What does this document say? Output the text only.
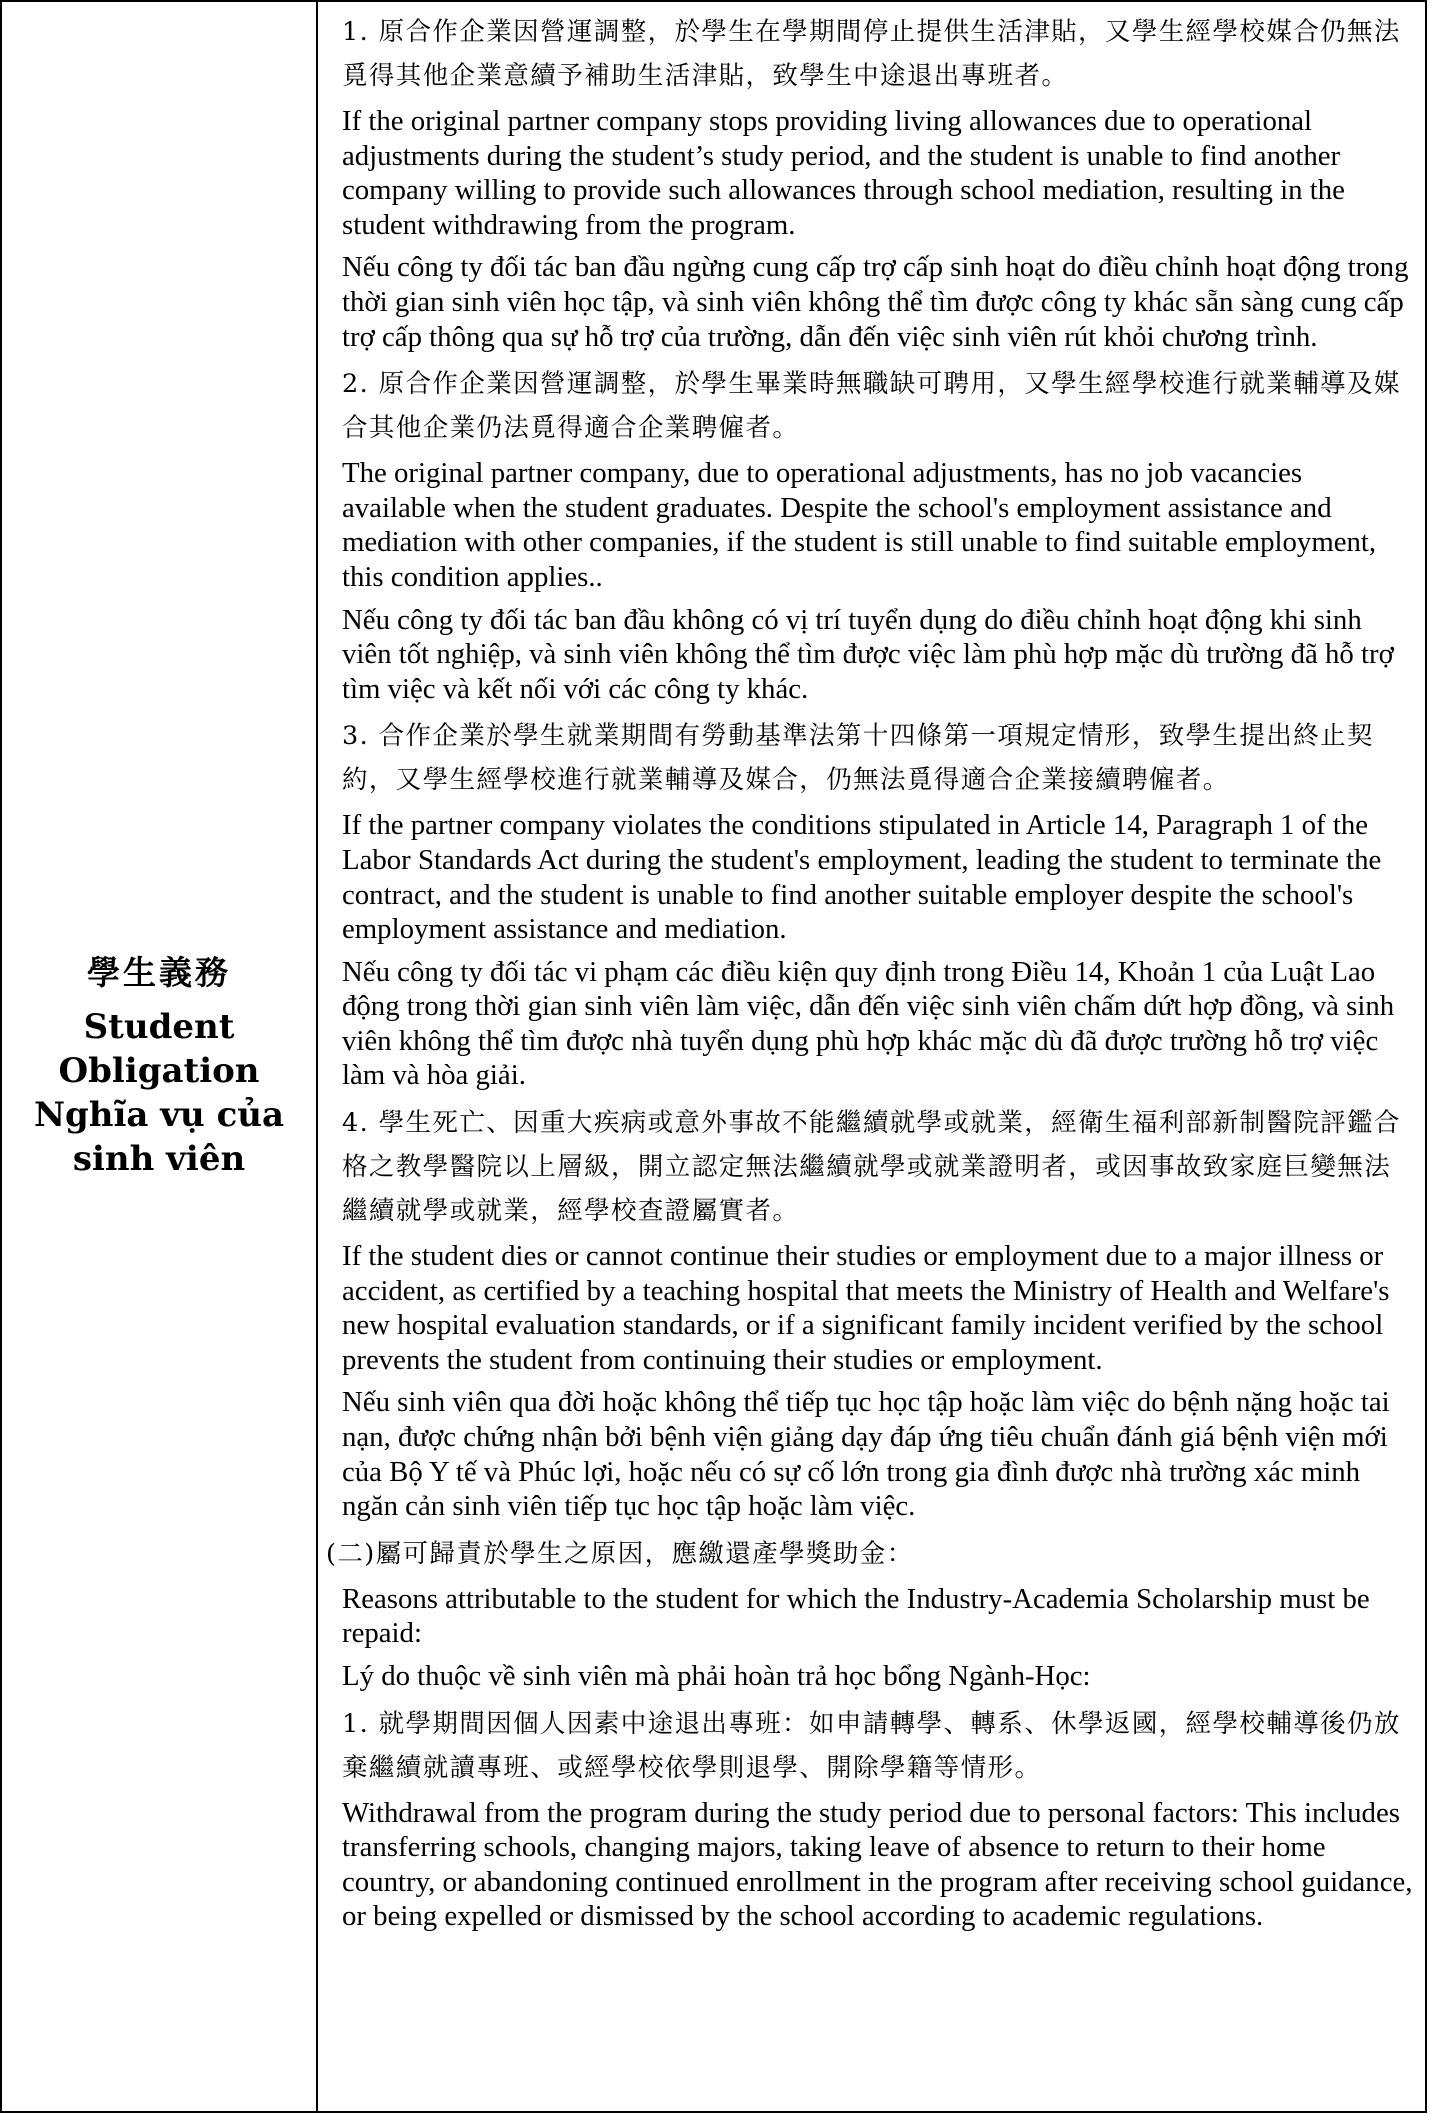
學生義務
Student Obligation
Nghĩa vụ của sinh viên

1. 原合作企業因營運調整，於學生在學期間停止提供生活津貼，又學生經學校媒合仍無法覓得其他企業意續予補助生活津貼，致學生中途退出專班者。

If the original partner company stops providing living allowances due to operational adjustments during the student’s study period, and the student is unable to find another company willing to provide such allowances through school mediation, resulting in the student withdrawing from the program.

Nếu công ty đối tác ban đầu ngừng cung cấp trợ cấp sinh hoạt do điều chỉnh hoạt động trong thời gian sinh viên học tập, và sinh viên không thể tìm được công ty khác sẵn sàng cung cấp trợ cấp thông qua sự hỗ trợ của trường, dẫn đến việc sinh viên rút khỏi chương trình.

2. 原合作企業因營運調整，於學生畢業時無職缺可聘用，又學生經學校進行就業輔導及媒合其他企業仍法覓得適合企業聘僱者。

The original partner company, due to operational adjustments, has no job vacancies available when the student graduates. Despite the school's employment assistance and mediation with other companies, if the student is still unable to find suitable employment, this condition applies..

Nếu công ty đối tác ban đầu không có vị trí tuyển dụng do điều chỉnh hoạt động khi sinh viên tốt nghiệp, và sinh viên không thể tìm được việc làm phù hợp mặc dù trường đã hỗ trợ tìm việc và kết nối với các công ty khác.

3. 合作企業於學生就業期間有勞動基準法第十四條第一項規定情形，致學生提出終止契約，又學生經學校進行就業輔導及媒合，仍無法覓得適合企業接續聘僱者。

If the partner company violates the conditions stipulated in Article 14, Paragraph 1 of the Labor Standards Act during the student's employment, leading the student to terminate the contract, and the student is unable to find another suitable employer despite the school's employment assistance and mediation.

Nếu công ty đối tác vi phạm các điều kiện quy định trong Điều 14, Khoản 1 của Luật Lao động trong thời gian sinh viên làm việc, dẫn đến việc sinh viên chấm dứt hợp đồng, và sinh viên không thể tìm được nhà tuyển dụng phù hợp khác mặc dù đã được trường hỗ trợ việc làm và hòa giải.

4. 學生死亡、因重大疾病或意外事故不能繼續就學或就業，經衛生福利部新制醫院評鑑合格之教學醫院以上層級，開立認定無法繼續就學或就業證明者，或因事故致家庭巨變無法繼續就學或就業，經學校查證屬實者。

If the student dies or cannot continue their studies or employment due to a major illness or accident, as certified by a teaching hospital that meets the Ministry of Health and Welfare's new hospital evaluation standards, or if a significant family incident verified by the school prevents the student from continuing their studies or employment.

Nếu sinh viên qua đời hoặc không thể tiếp tục học tập hoặc làm việc do bệnh nặng hoặc tai nạn, được chứng nhận bởi bệnh viện giảng dạy đáp ứng tiêu chuẩn đánh giá bệnh viện mới của Bộ Y tế và Phúc lợi, hoặc nếu có sự cố lớn trong gia đình được nhà trường xác minh ngăn cản sinh viên tiếp tục học tập hoặc làm việc.

(二)屬可歸責於學生之原因，應繳還產學獎助金：

Reasons attributable to the student for which the Industry-Academia Scholarship must be repaid:

Lý do thuộc về sinh viên mà phải hoàn trả học bổng Ngành-Học:

1. 就學期間因個人因素中途退出專班：如申請轉學、轉系、休學返國，經學校輔導後仍放棄繼續就讀專班、或經學校依學則退學、開除學籍等情形。

Withdrawal from the program during the study period due to personal factors: This includes transferring schools, changing majors, taking leave of absence to return to their home country, or abandoning continued enrollment in the program after receiving school guidance, or being expelled or dismissed by the school according to academic regulations.
